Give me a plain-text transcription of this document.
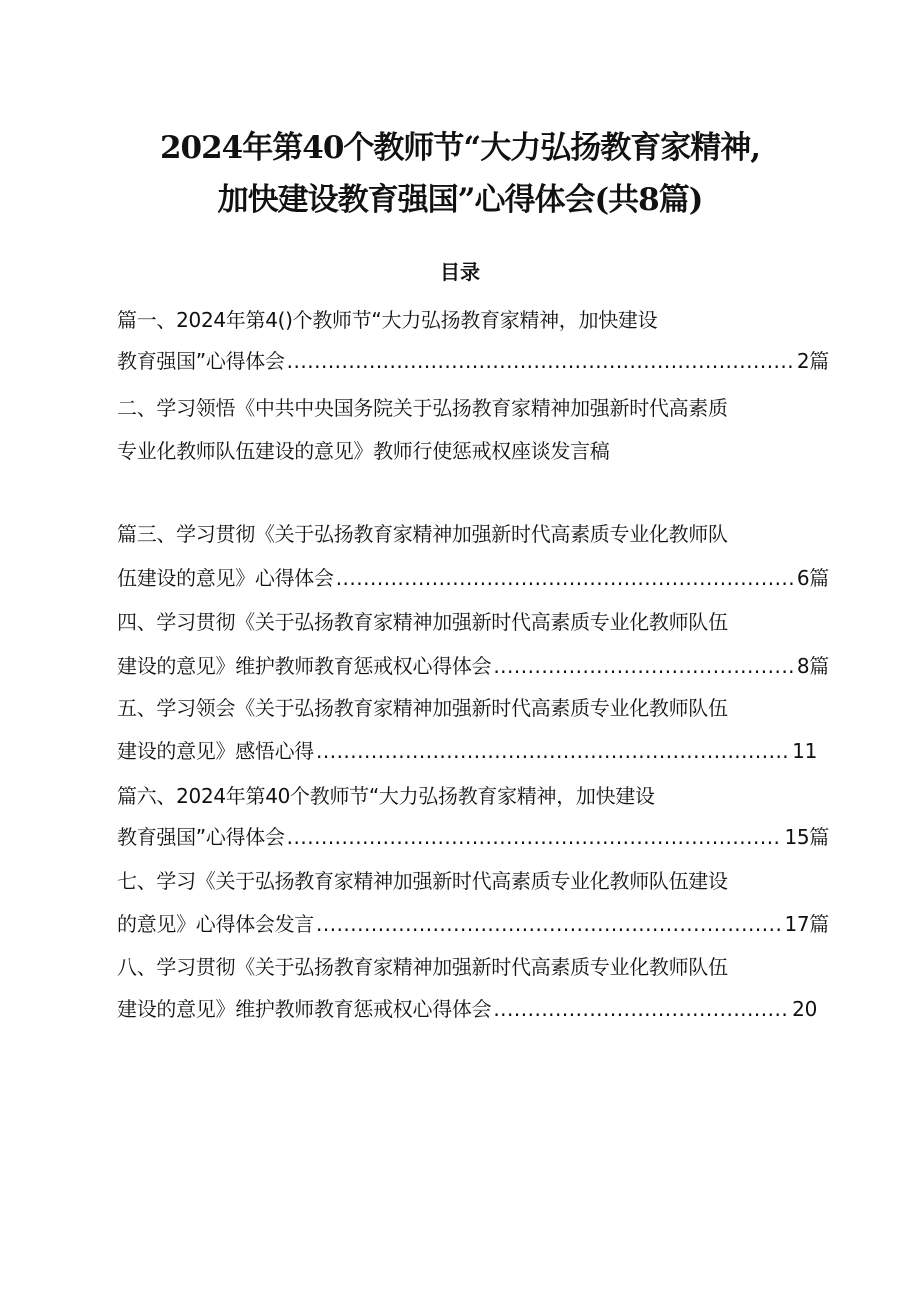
2024年第40个教师节“大力弘扬教育家精神,
加快建设教育强国”心得体会(共8篇)
目录
篇一、2024年第4()个教师节“大力弘扬教育家精神，加快建设
教育强国”心得体会 .....	2篇
二、学习领悟《中共中央国务院关于弘扬教育家精神加强新时代高素质
专业化教师队伍建设的意见》教师行使惩戒权座谈发言稿
篇三、学习贯彻《关于弘扬教育家精神加强新时代高素质专业化教师队
伍建设的意见》心得体会 .....	6篇
四、学习贯彻《关于弘扬教育家精神加强新时代高素质专业化教师队伍
建设的意见》维护教师教育惩戒权心得体会 .....	8篇
五、学习领会《关于弘扬教育家精神加强新时代高素质专业化教师队伍
建设的意见》感悟心得 .....	11
篇六、2024年第40个教师节“大力弘扬教育家精神，加快建设
教育强国”心得体会 .....	15篇
七、学习《关于弘扬教育家精神加强新时代高素质专业化教师队伍建设
的意见》心得体会发言 .....	17篇
八、学习贯彻《关于弘扬教育家精神加强新时代高素质专业化教师队伍
建设的意见》维护教师教育惩戒权心得体会 .....	20
